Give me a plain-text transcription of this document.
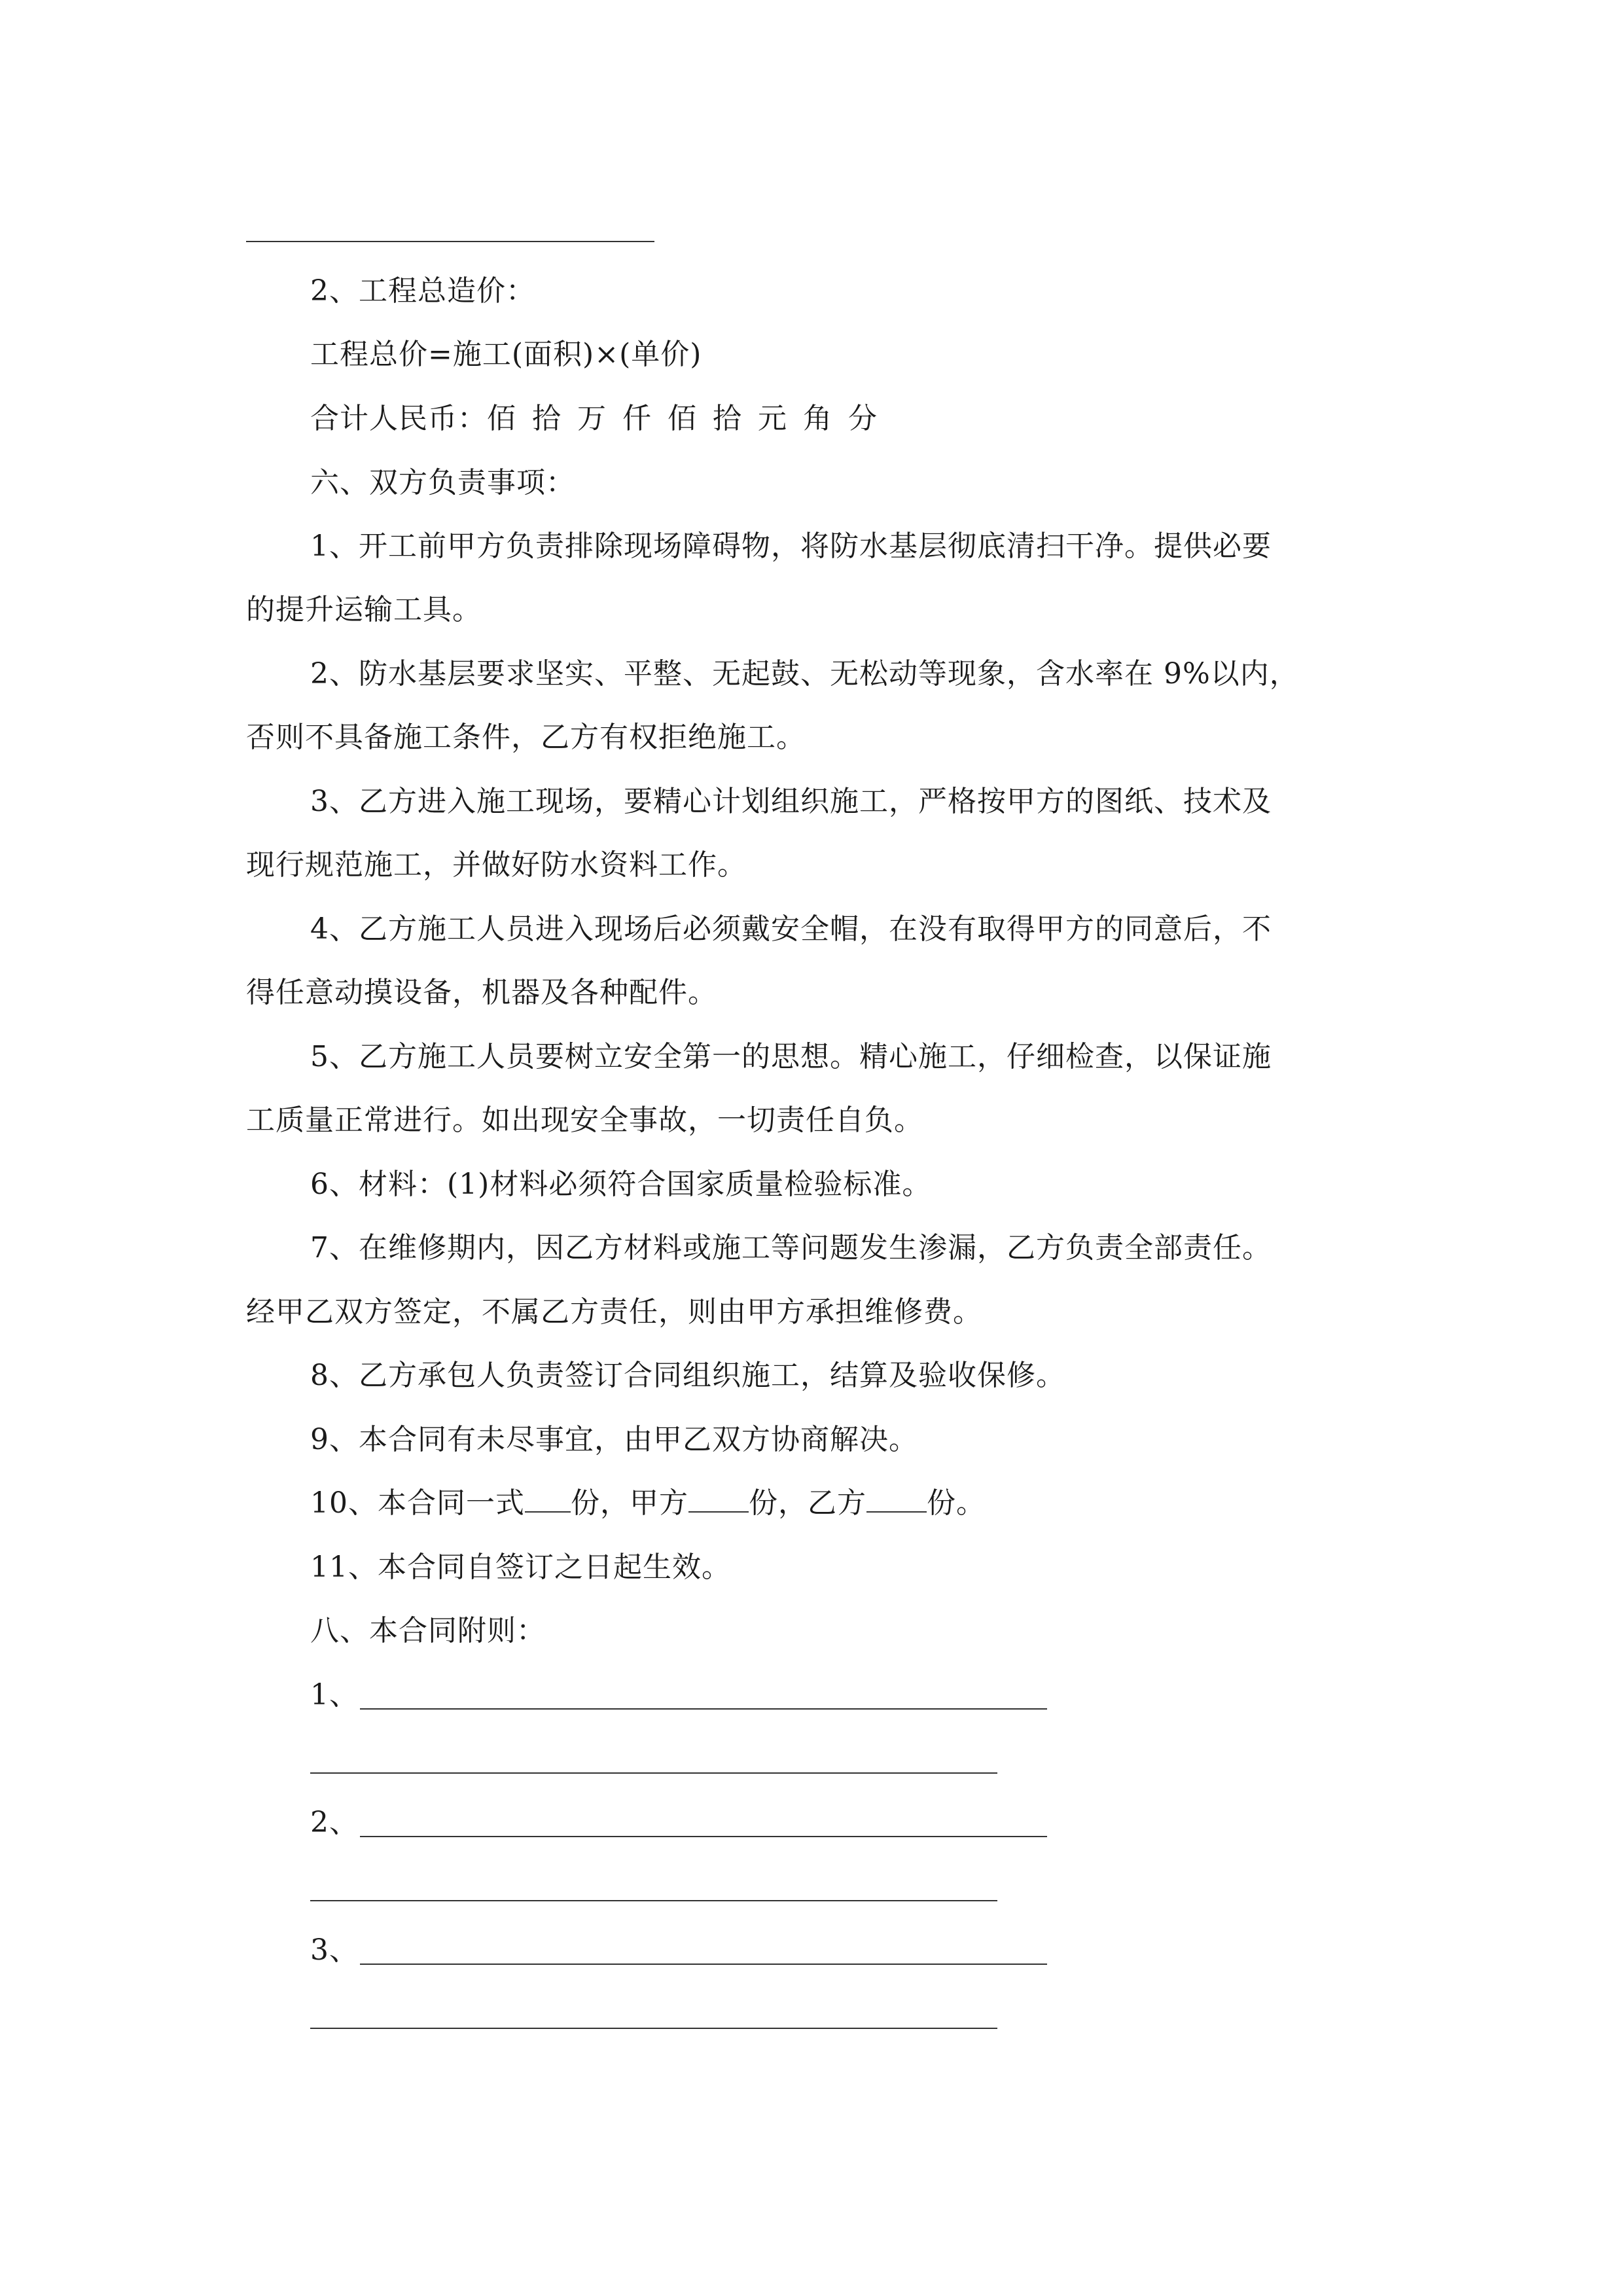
2、工程总造价：
工程总价=施工(面积)×(单价)
合计人民币：佰 拾 万 仟 佰 拾 元 角 分
六、双方负责事项：
1、开工前甲方负责排除现场障碍物，将防水基层彻底清扫干净。提供必要
的提升运输工具。
2、防水基层要求坚实、平整、无起鼓、无松动等现象，含水率在 9%以内，
否则不具备施工条件，乙方有权拒绝施工。
3、乙方进入施工现场，要精心计划组织施工，严格按甲方的图纸、技术及
现行规范施工，并做好防水资料工作。
4、乙方施工人员进入现场后必须戴安全帽，在没有取得甲方的同意后，不
得任意动摸设备，机器及各种配件。
5、乙方施工人员要树立安全第一的思想。精心施工，仔细检查，以保证施
工质量正常进行。如出现安全事故，一切责任自负。
6、材料：(1)材料必须符合国家质量检验标准。
7、在维修期内，因乙方材料或施工等问题发生渗漏，乙方负责全部责任。
经甲乙双方签定，不属乙方责任，则由甲方承担维修费。
8、乙方承包人负责签订合同组织施工，结算及验收保修。
9、本合同有未尽事宜，由甲乙双方协商解决。
10、本合同一式 份，甲方 份，乙方 份。
11、本合同自签订之日起生效。
八、本合同附则：
1、
2、
3、
